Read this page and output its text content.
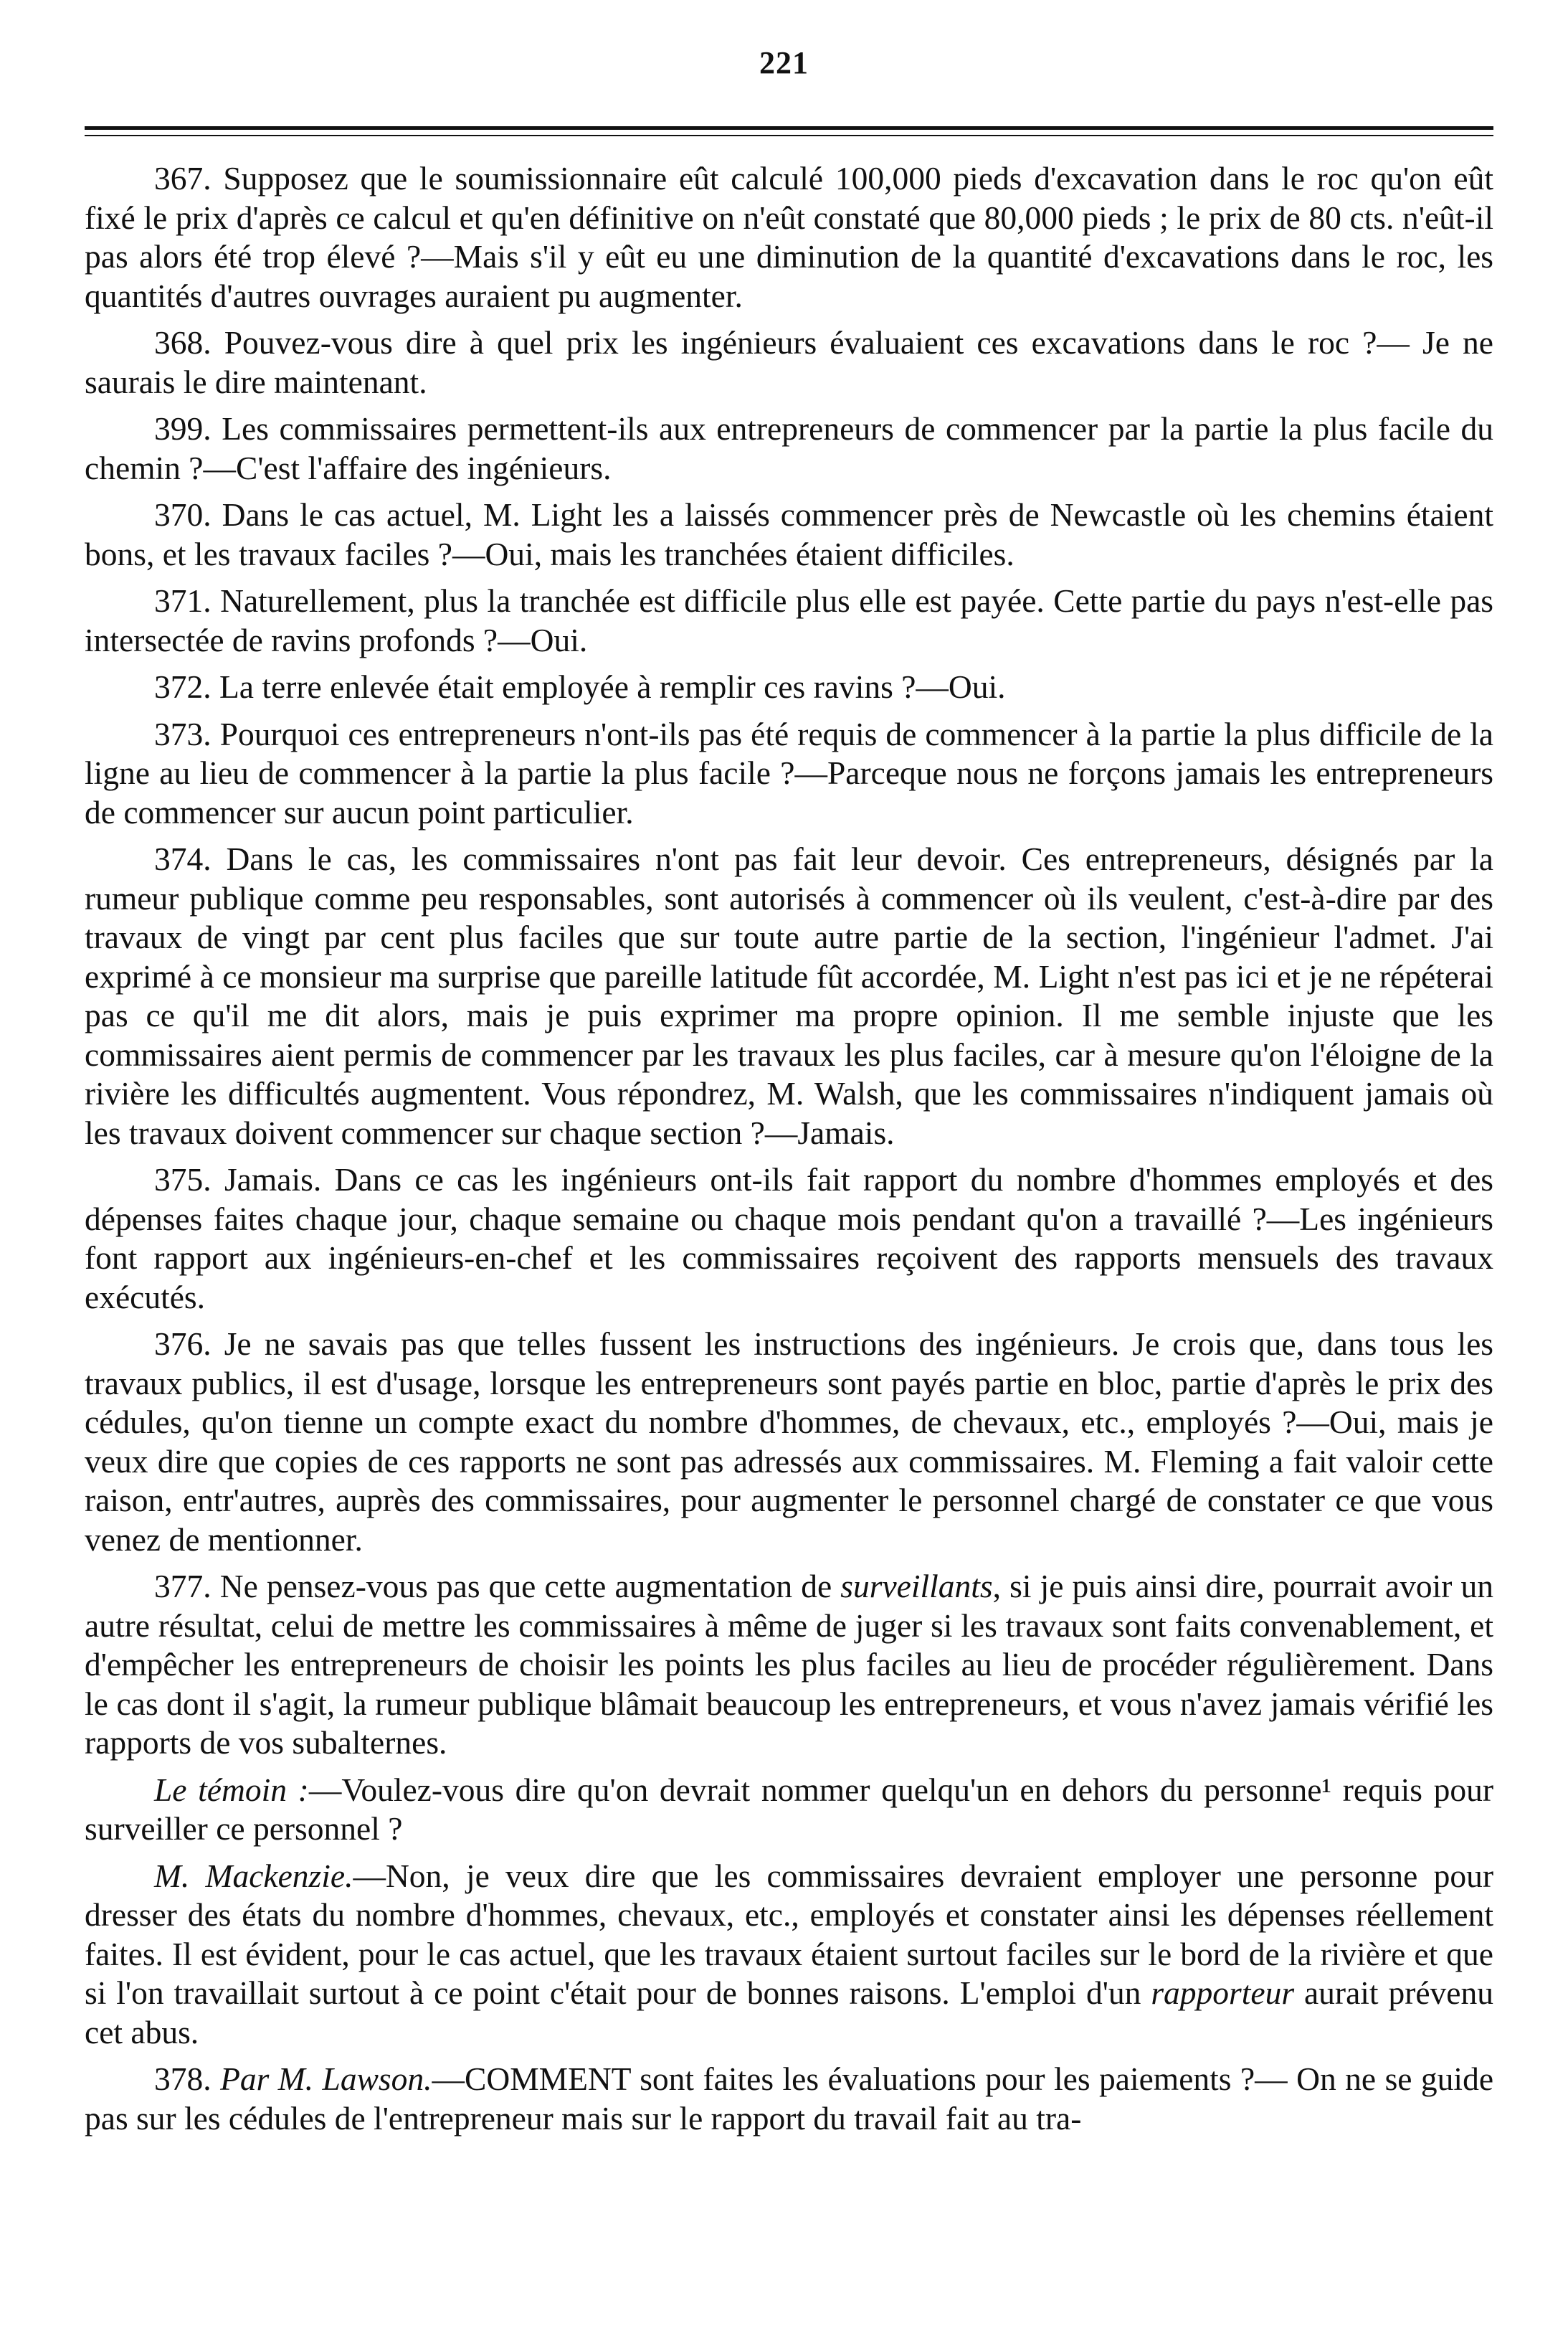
221

367. Supposez que le soumissionnaire eût calculé 100,000 pieds d'excavation dans le roc qu'on eût fixé le prix d'après ce calcul et qu'en définitive on n'eût constaté que 80,000 pieds ; le prix de 80 cts. n'eût-il pas alors été trop élevé ?—Mais s'il y eût eu une diminution de la quantité d'excavations dans le roc, les quantités d'autres ouvrages auraient pu augmenter.

368. Pouvez-vous dire à quel prix les ingénieurs évaluaient ces excavations dans le roc ?— Je ne saurais le dire maintenant.

399. Les commissaires permettent-ils aux entrepreneurs de commencer par la partie la plus facile du chemin ?—C'est l'affaire des ingénieurs.

370. Dans le cas actuel, M. Light les a laissés commencer près de Newcastle où les chemins étaient bons, et les travaux faciles ?—Oui, mais les tranchées étaient difficiles.

371. Naturellement, plus la tranchée est difficile plus elle est payée. Cette partie du pays n'est-elle pas intersectée de ravins profonds ?—Oui.

372. La terre enlevée était employée à remplir ces ravins ?—Oui.

373. Pourquoi ces entrepreneurs n'ont-ils pas été requis de commencer à la partie la plus difficile de la ligne au lieu de commencer à la partie la plus facile ?—Parceque nous ne forçons jamais les entrepreneurs de commencer sur aucun point particulier.

374. Dans le cas, les commissaires n'ont pas fait leur devoir. Ces entrepreneurs, désignés par la rumeur publique comme peu responsables, sont autorisés à commencer où ils veulent, c'est-à-dire par des travaux de vingt par cent plus faciles que sur toute autre partie de la section, l'ingénieur l'admet. J'ai exprimé à ce monsieur ma surprise que pareille latitude fût accordée, M. Light n'est pas ici et je ne répéterai pas ce qu'il me dit alors, mais je puis exprimer ma propre opinion. Il me semble injuste que les commissaires aient permis de commencer par les travaux les plus faciles, car à mesure qu'on l'éloigne de la rivière les difficultés augmentent. Vous répondrez, M. Walsh, que les commissaires n'indiquent jamais où les travaux doivent commencer sur chaque section ?—Jamais.

375. Jamais. Dans ce cas les ingénieurs ont-ils fait rapport du nombre d'hommes employés et des dépenses faites chaque jour, chaque semaine ou chaque mois pendant qu'on a travaillé ?—Les ingénieurs font rapport aux ingénieurs-en-chef et les commissaires reçoivent des rapports mensuels des travaux exécutés.

376. Je ne savais pas que telles fussent les instructions des ingénieurs. Je crois que, dans tous les travaux publics, il est d'usage, lorsque les entrepreneurs sont payés partie en bloc, partie d'après le prix des cédules, qu'on tienne un compte exact du nombre d'hommes, de chevaux, etc., employés ?—Oui, mais je veux dire que copies de ces rapports ne sont pas adressés aux commissaires. M. Fleming a fait valoir cette raison, entr'autres, auprès des commissaires, pour augmenter le personnel chargé de constater ce que vous venez de mentionner.

377. Ne pensez-vous pas que cette augmentation de surveillants, si je puis ainsi dire, pourrait avoir un autre résultat, celui de mettre les commissaires à même de juger si les travaux sont faits convenablement, et d'empêcher les entrepreneurs de choisir les points les plus faciles au lieu de procéder régulièrement. Dans le cas dont il s'agit, la rumeur publique blâmait beaucoup les entrepreneurs, et vous n'avez jamais vérifié les rapports de vos subalternes.

Le témoin :—Voulez-vous dire qu'on devrait nommer quelqu'un en dehors du personne¹ requis pour surveiller ce personnel ?

M. Mackenzie.—Non, je veux dire que les commissaires devraient employer une personne pour dresser des états du nombre d'hommes, chevaux, etc., employés et constater ainsi les dépenses réellement faites. Il est évident, pour le cas actuel, que les travaux étaient surtout faciles sur le bord de la rivière et que si l'on travaillait surtout à ce point c'était pour de bonnes raisons. L'emploi d'un rapporteur aurait prévenu cet abus.

378. Par M. Lawson.—COMMENT sont faites les évaluations pour les paiements ?— On ne se guide pas sur les cédules de l'entrepreneur mais sur le rapport du travail fait au tra-
